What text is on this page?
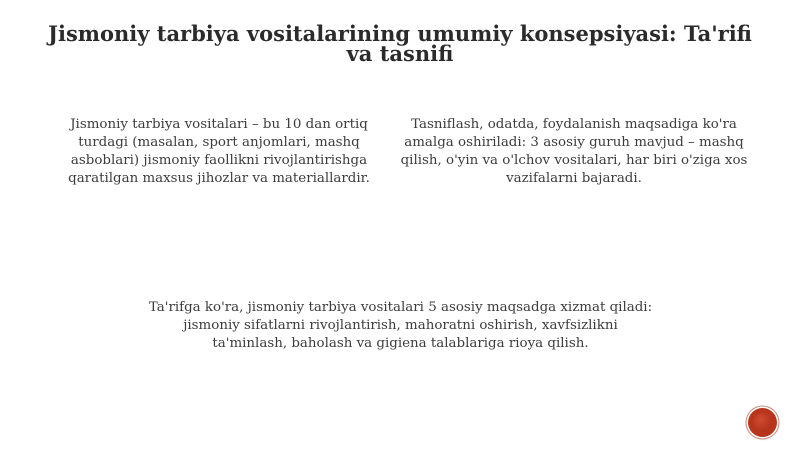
Jismoniy tarbiya vositalarining umumiy konsepsiyasi: Ta'rifi va tasnifi

Jismoniy tarbiya vositalari – bu 10 dan ortiq turdagi (masalan, sport anjomlari, mashq asboblari) jismoniy faollikni rivojlantirishga qaratilgan maxsus jihozlar va materiallardir.

Tasniflash, odatda, foydalanish maqsadiga ko'ra amalga oshiriladi: 3 asosiy guruh mavjud – mashq qilish, o'yin va o'lchov vositalari, har biri o'ziga xos vazifalarni bajaradi.

Ta'rifga ko'ra, jismoniy tarbiya vositalari 5 asosiy maqsadga xizmat qiladi: jismoniy sifatlarni rivojlantirish, mahoratni oshirish, xavfsizlikni ta'minlash, baholash va gigiena talablariga rioya qilish.
